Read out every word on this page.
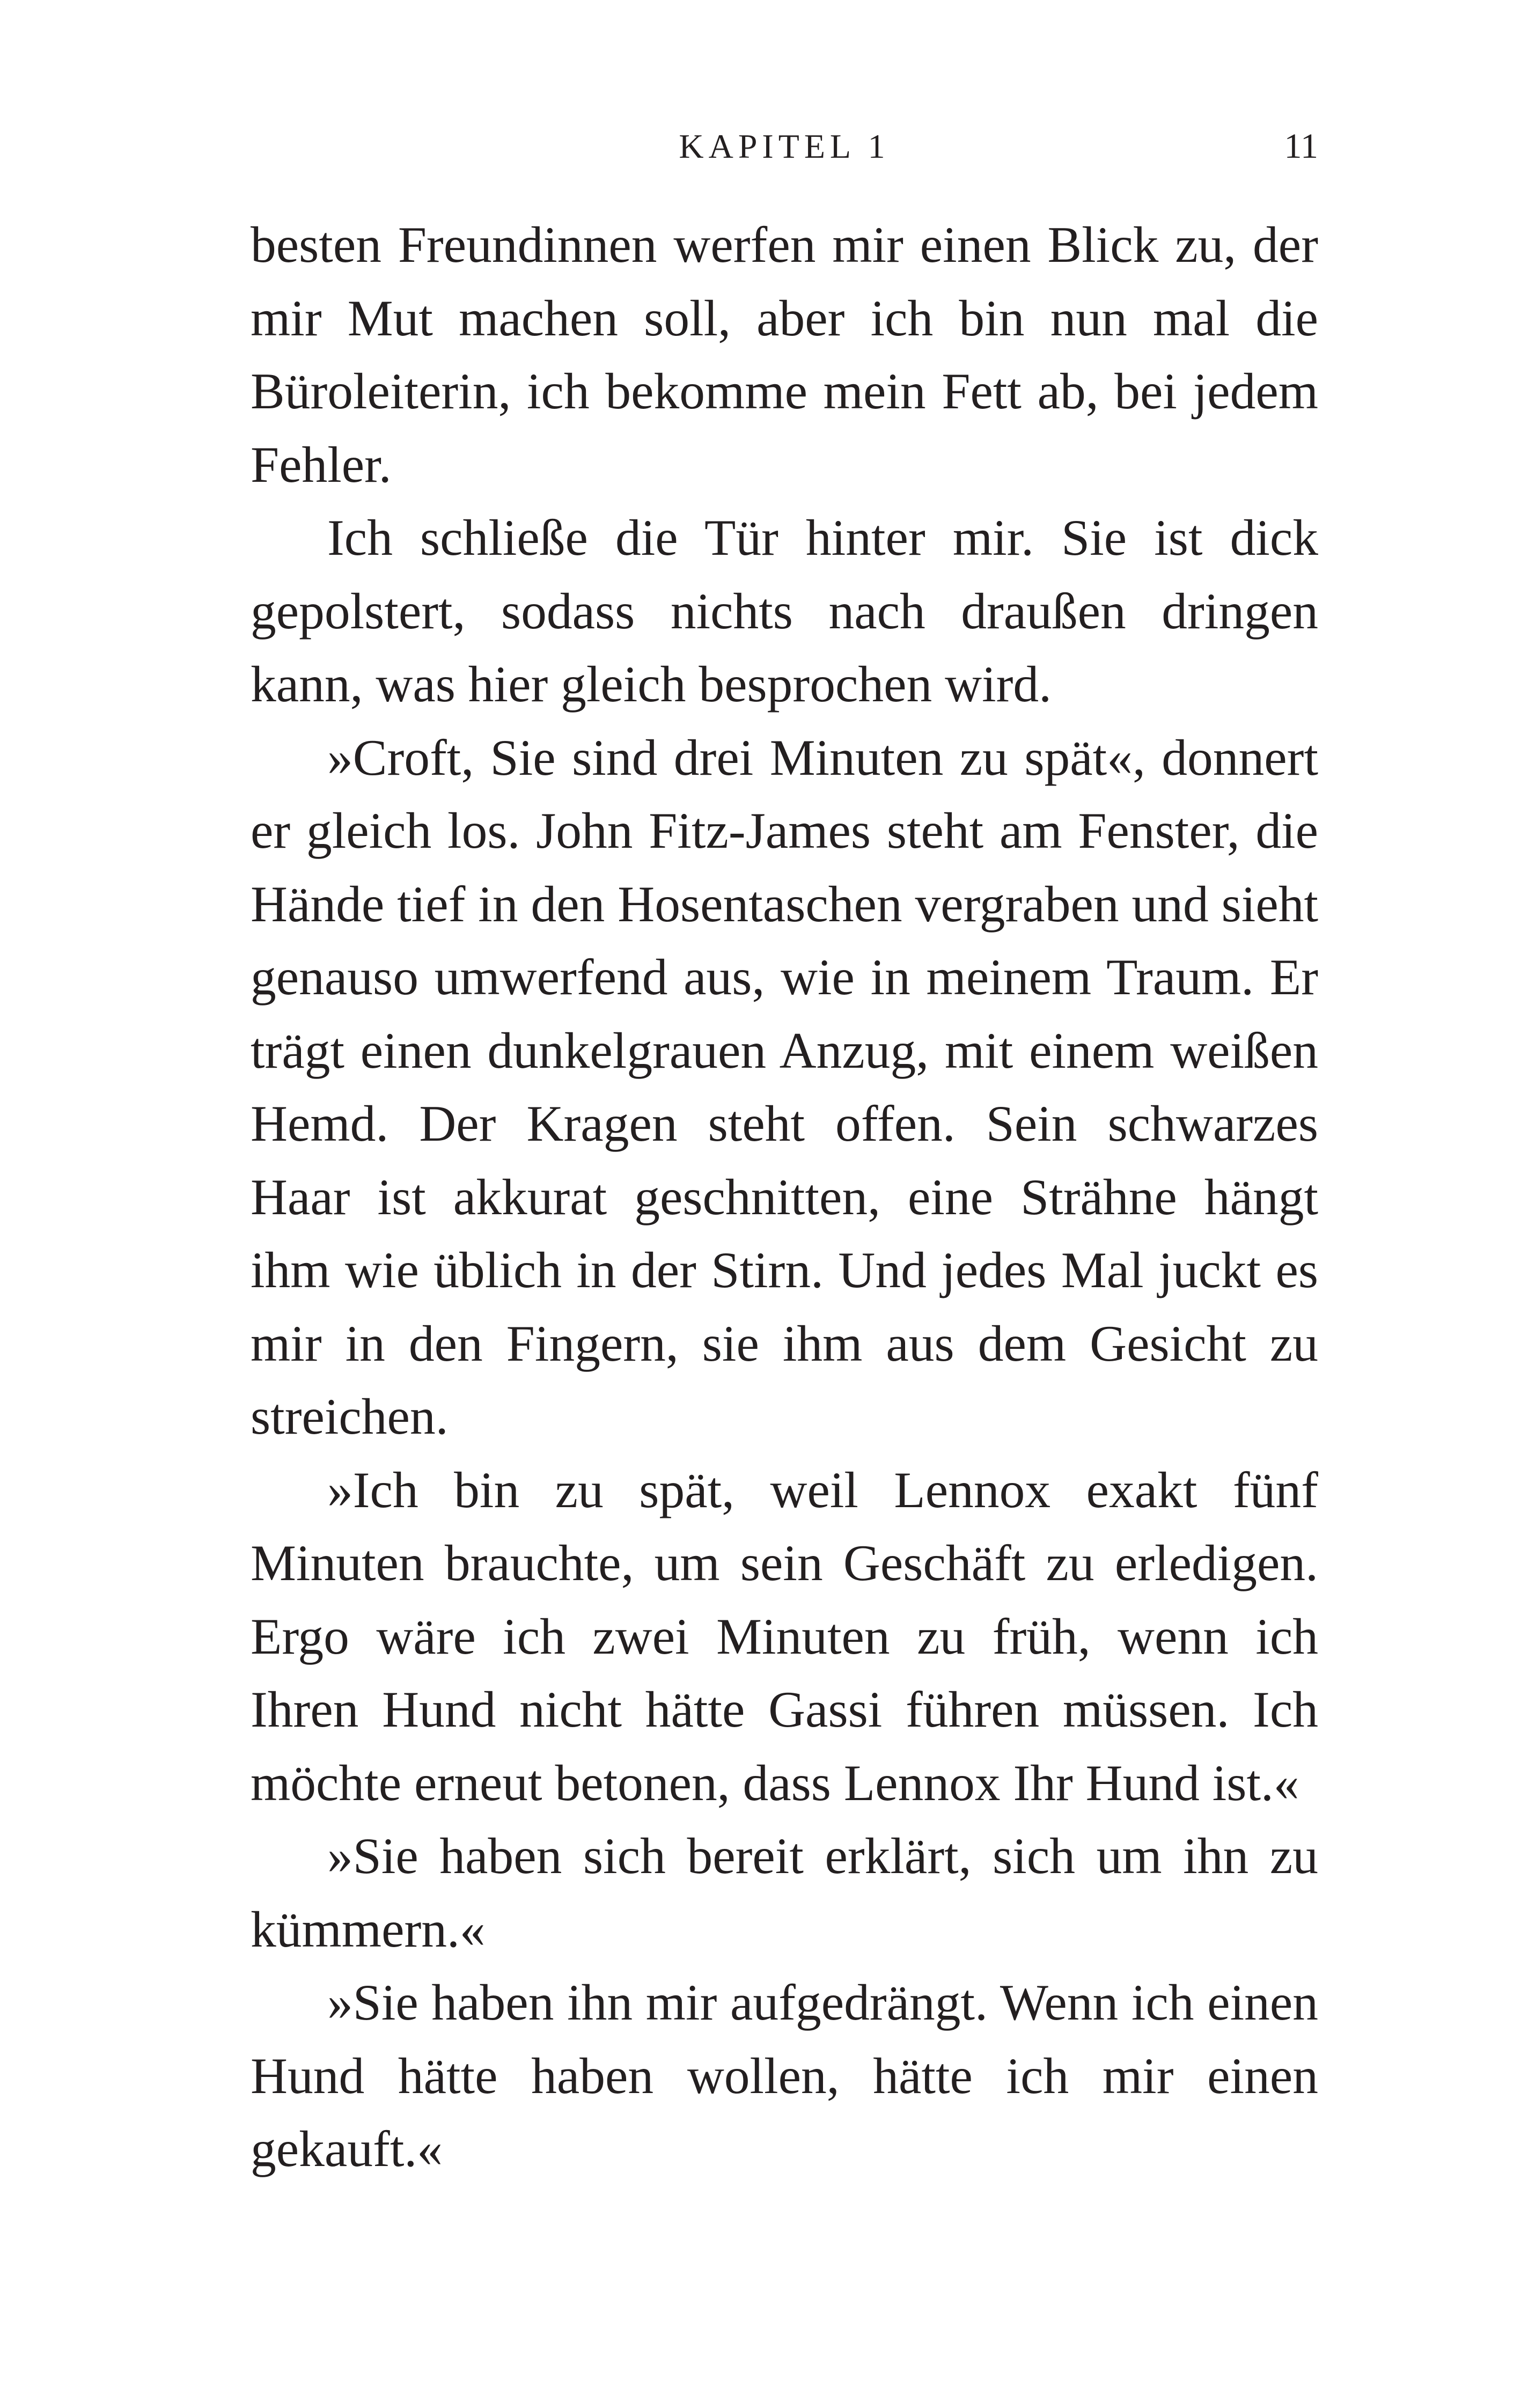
KAPITEL 1	11

besten Freundinnen werfen mir einen Blick zu, der mir Mut machen soll, aber ich bin nun mal die Büroleiterin, ich bekomme mein Fett ab, bei jedem Fehler.

Ich schließe die Tür hinter mir. Sie ist dick gepolstert, sodass nichts nach draußen dringen kann, was hier gleich besprochen wird.

»Croft, Sie sind drei Minuten zu spät«, donnert er gleich los. John Fitz-James steht am Fenster, die Hände tief in den Hosentaschen vergraben und sieht genauso umwerfend aus, wie in meinem Traum. Er trägt einen dunkelgrauen Anzug, mit einem weißen Hemd. Der Kragen steht offen. Sein schwarzes Haar ist akkurat geschnitten, eine Strähne hängt ihm wie üblich in der Stirn. Und jedes Mal juckt es mir in den Fingern, sie ihm aus dem Gesicht zu streichen.

»Ich bin zu spät, weil Lennox exakt fünf Minuten brauchte, um sein Geschäft zu erledigen. Ergo wäre ich zwei Minuten zu früh, wenn ich Ihren Hund nicht hätte Gassi führen müssen. Ich möchte erneut betonen, dass Lennox Ihr Hund ist.«

»Sie haben sich bereit erklärt, sich um ihn zu kümmern.«

»Sie haben ihn mir aufgedrängt. Wenn ich einen Hund hätte haben wollen, hätte ich mir einen gekauft.«
